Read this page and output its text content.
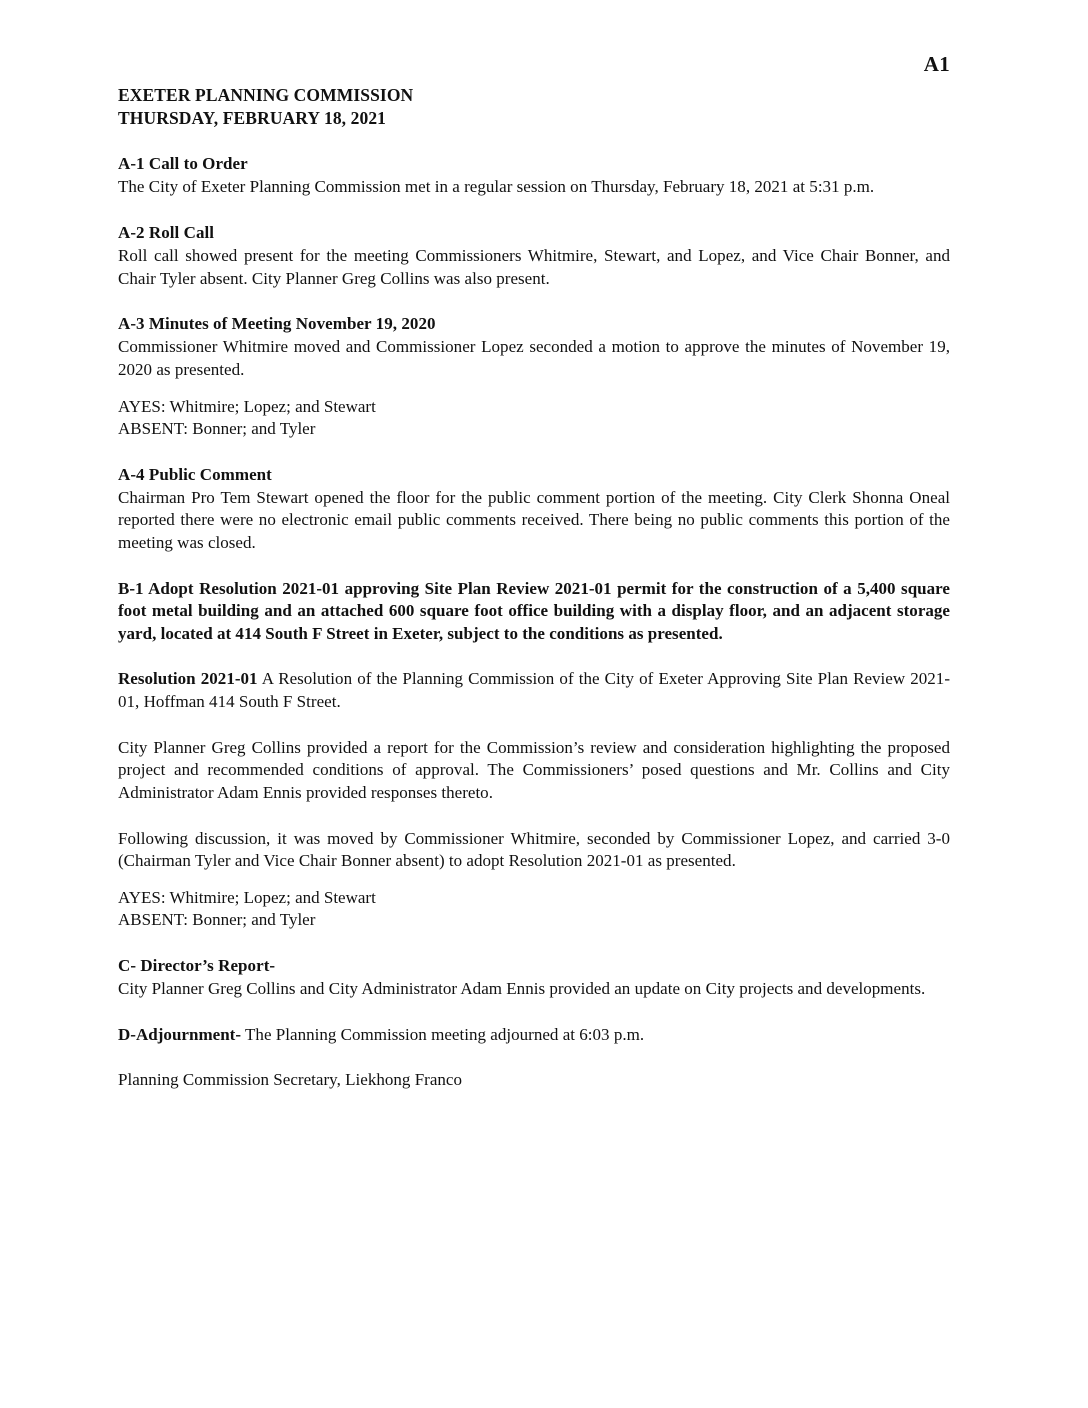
A1
EXETER PLANNING COMMISSION
THURSDAY, FEBRUARY 18, 2021
A-1 Call to Order

The City of Exeter Planning Commission met in a regular session on Thursday, February 18, 2021 at 5:31 p.m.

A-2 Roll Call

Roll call showed present for the meeting Commissioners Whitmire, Stewart, and Lopez, and Vice Chair Bonner, and Chair Tyler absent. City Planner Greg Collins was also present.

A-3 Minutes of Meeting November 19, 2020

Commissioner Whitmire moved and Commissioner Lopez seconded a motion to approve the minutes of November 19, 2020 as presented.

AYES: Whitmire; Lopez; and Stewart

ABSENT: Bonner; and Tyler

A-4 Public Comment

Chairman Pro Tem Stewart opened the floor for the public comment portion of the meeting. City Clerk Shonna Oneal reported there were no electronic email public comments received. There being no public comments this portion of the meeting was closed.

B-1 Adopt Resolution 2021-01 approving Site Plan Review 2021-01 permit for the construction of a 5,400 square foot metal building and an attached 600 square foot office building with a display floor, and an adjacent storage yard, located at 414 South F Street in Exeter, subject to the conditions as presented.

Resolution 2021-01 A Resolution of the Planning Commission of the City of Exeter Approving Site Plan Review 2021-01, Hoffman 414 South F Street.

City Planner Greg Collins provided a report for the Commission’s review and consideration highlighting the proposed project and recommended conditions of approval. The Commissioners’ posed questions and Mr. Collins and City Administrator Adam Ennis provided responses thereto.

Following discussion, it was moved by Commissioner Whitmire, seconded by Commissioner Lopez, and carried 3-0 (Chairman Tyler and Vice Chair Bonner absent) to adopt Resolution 2021-01 as presented.

AYES: Whitmire; Lopez; and Stewart

ABSENT: Bonner; and Tyler

C- Director’s Report-

City Planner Greg Collins and City Administrator Adam Ennis provided an update on City projects and developments.

D-Adjournment- The Planning Commission meeting adjourned at 6:03 p.m.

Planning Commission Secretary, Liekhong Franco
